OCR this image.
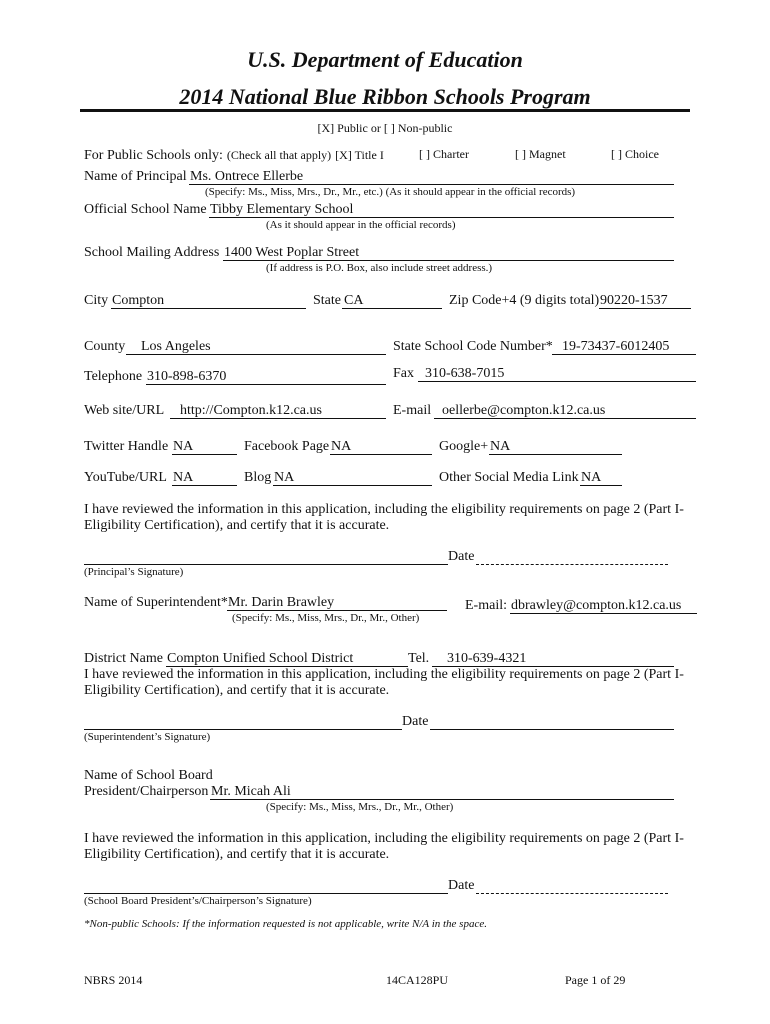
U.S. Department of Education
2014 National Blue Ribbon Schools Program
[X] Public or [ ] Non-public
For Public Schools only: (Check all that apply) [X] Title I	[ ] Charter	[ ] Magnet	[ ] Choice
Name of Principal Ms. Ontrece Ellerbe
(Specify: Ms., Miss, Mrs., Dr., Mr., etc.) (As it should appear in the official records)
Official School Name Tibby Elementary School
(As it should appear in the official records)
School Mailing Address 1400 West Poplar Street
(If address is P.O. Box, also include street address.)
City Compton	State CA	Zip Code+4 (9 digits total) 90220-1537
County Los Angeles	State School Code Number* 19-73437-6012405
Telephone 310-898-6370	Fax 310-638-7015
Web site/URL http://Compton.k12.ca.us	E-mail oellerbe@compton.k12.ca.us
Twitter Handle NA	Facebook Page NA	Google+ NA
YouTube/URL NA	Blog NA	Other Social Media Link NA
I have reviewed the information in this application, including the eligibility requirements on page 2 (Part I-Eligibility Certification), and certify that it is accurate.
Date
(Principal’s Signature)
Name of Superintendent* Mr. Darin Brawley	E-mail: dbrawley@compton.k12.ca.us
(Specify: Ms., Miss, Mrs., Dr., Mr., Other)
District Name Compton Unified School District	Tel. 310-639-4321
I have reviewed the information in this application, including the eligibility requirements on page 2 (Part I-Eligibility Certification), and certify that it is accurate.
Date
(Superintendent’s Signature)
Name of School Board
President/Chairperson Mr. Micah Ali
(Specify: Ms., Miss, Mrs., Dr., Mr., Other)
I have reviewed the information in this application, including the eligibility requirements on page 2 (Part I-Eligibility Certification), and certify that it is accurate.
Date
(School Board President’s/Chairperson’s Signature)
*Non-public Schools: If the information requested is not applicable, write N/A in the space.
NBRS 2014	14CA128PU	Page 1 of 29
